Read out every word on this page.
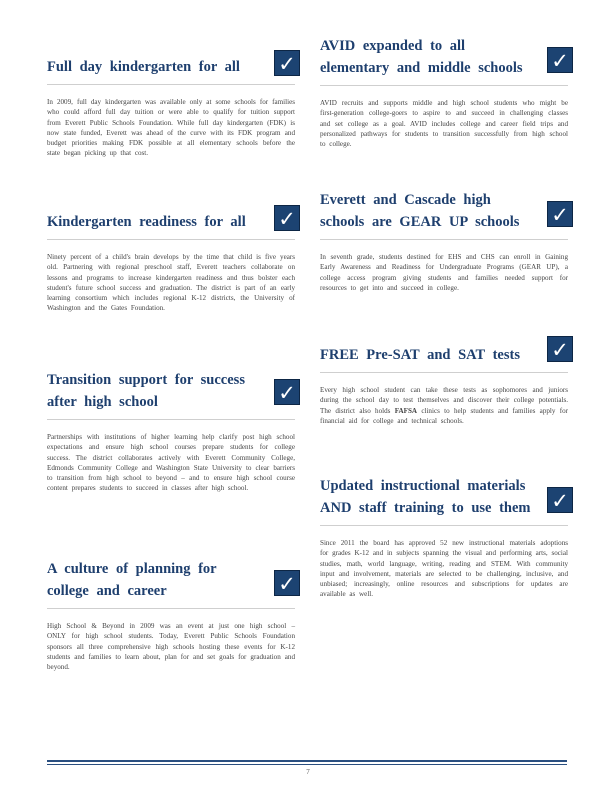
Full day kindergarten for all	✓
In 2009, full day kindergarten was available only at some schools for families who could afford full day tuition or were able to qualify for tuition support from Everett Public Schools Foundation. While full day kindergarten (FDK) is now state funded, Everett was ahead of the curve with its FDK program and budget priorities making FDK possible at all elementary schools before the state began picking up that cost.
Kindergarten readiness for all	✓
Ninety percent of a child's brain develops by the time that child is five years old. Partnering with regional preschool staff, Everett teachers collaborate on lessons and programs to increase kindergarten readiness and thus bolster each student's future school success and graduation. The district is part of an early learning consortium which includes regional K-12 districts, the University of Washington and the Gates Foundation.
Transition support for success after high school	✓
Partnerships with institutions of higher learning help clarify post high school expectations and ensure high school courses prepare students for college success. The district collaborates actively with Everett Community College, Edmonds Community College and Washington State University to clear barriers to transition from high school to beyond – and to ensure high school course content prepares students to succeed in classes after high school.
A culture of planning for college and career	✓
High School & Beyond in 2009 was an event at just one high school – ONLY for high school students. Today, Everett Public Schools Foundation sponsors all three comprehensive high schools hosting these events for K-12 students and families to learn about, plan for and set goals for graduation and beyond.
AVID expanded to all elementary and middle schools	✓
AVID recruits and supports middle and high school students who might be first-generation college-goers to aspire to and succeed in challenging classes and set college as a goal. AVID includes college and career field trips and personalized pathways for students to transition successfully from high school to college.
Everett and Cascade high schools are GEAR UP schools	✓
In seventh grade, students destined for EHS and CHS can enroll in Gaining Early Awareness and Readiness for Undergraduate Programs (GEAR UP), a college access program giving students and families needed support for resources to get into and succeed in college.
FREE Pre-SAT and SAT tests	✓
Every high school student can take these tests as sophomores and juniors during the school day to test themselves and discover their college potentials. The district also holds FAFSA clinics to help students and families apply for financial aid for college and technical schools.
Updated instructional materials AND staff training to use them ✓
Since 2011 the board has approved 52 new instructional materials adoptions for grades K-12 and in subjects spanning the visual and performing arts, social studies, math, world language, writing, reading and STEM. With community input and involvement, materials are selected to be challenging, inclusive, and unbiased; increasingly, online resources and subscriptions for updates are available as well.
7
